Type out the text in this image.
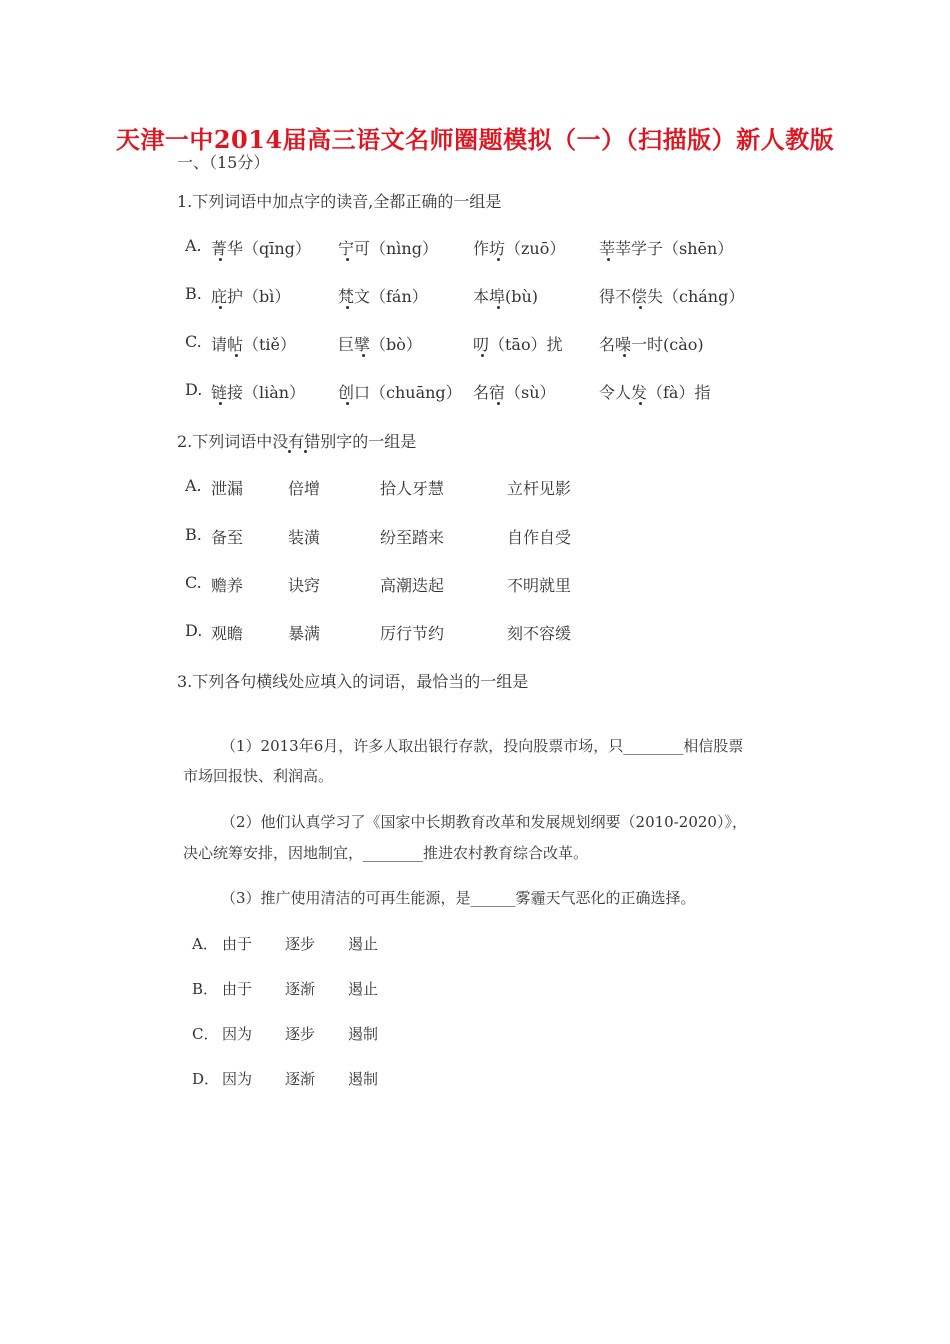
天津一中2014届高三语文名师圈题模拟（一）（扫描版）新人教版
一、（15分）
1.下列词语中加点字的读音,全都正确的一组是
A. 菁华（qīng） 宁可（nìng） 作坊（zuō） 莘莘学子（shēn）
B. 庇护（bì）	梵文（fán）	本埠(bù)	得不偿失（cháng）
C. 请帖（tiě）	巨擘（bò）	叨（tāo）扰 名噪一时(cào)
D. 链接（liàn） 创口（chuāng） 名宿（sù）	令人发（fà）指
2.下列词语中没有错别字的一组是
A. 泄漏	倍增	拾人牙慧	立杆见影
B. 备至	装潢	纷至踏来	自作自受
C. 赡养	诀窍	高潮迭起	不明就里
D. 观瞻	暴满	厉行节约	刻不容缓
3.下列各句横线处应填入的词语，最恰当的一组是
（1）2013年6月，许多人取出银行存款，投向股票市场，只________相信股票
市场回报快、利润高。
（2）他们认真学习了《国家中长期教育改革和发展规划纲要（2010-2020）》，
决心统筹安排，因地制宜，________推进农村教育综合改革。
（3）推广使用清洁的可再生能源，是______雾霾天气恶化的正确选择。
A． 由于 逐步 遏止
B． 由于 逐渐 遏止
C． 因为 逐步 遏制
D． 因为 逐渐 遏制
